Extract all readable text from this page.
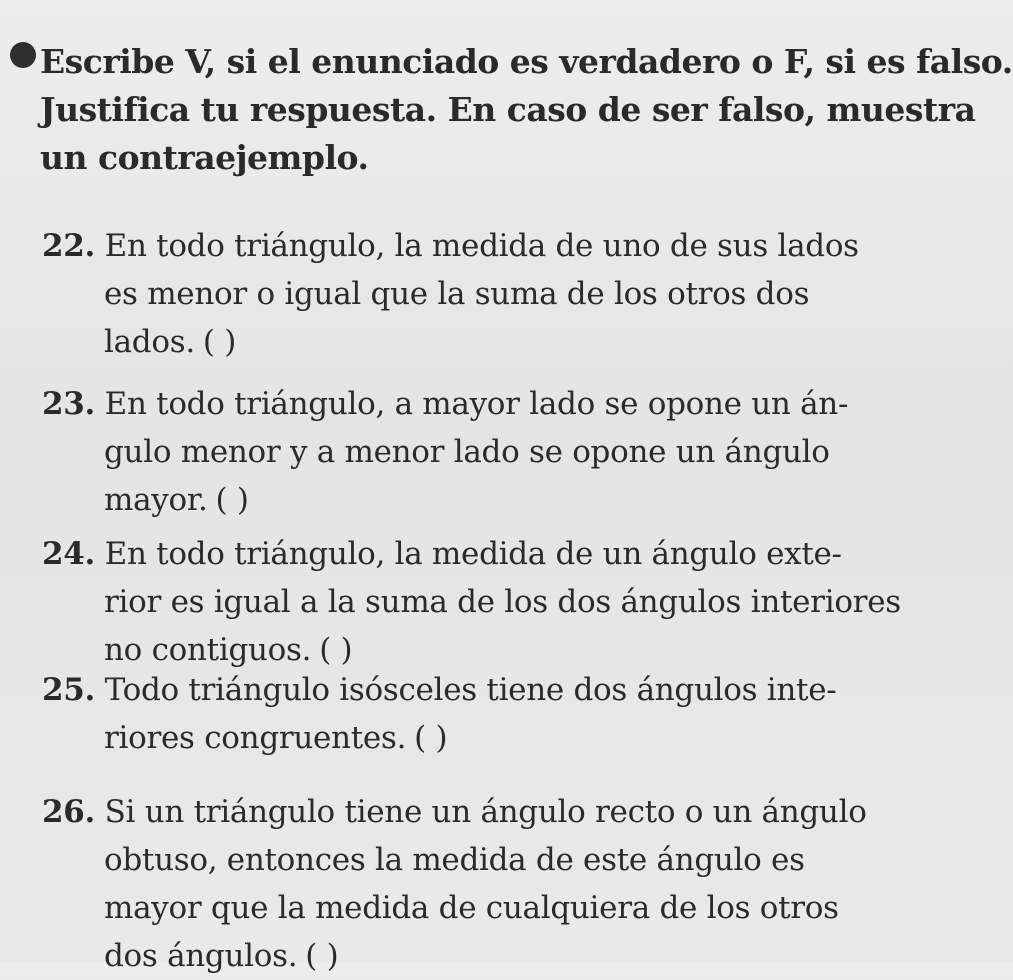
Escribe V, si el enunciado es verdadero o F, si es falso.
Justifica tu respuesta. En caso de ser falso, muestra
un contraejemplo.
22. En todo triángulo, la medida de uno de sus lados
es menor o igual que la suma de los otros dos
lados. ( )
23. En todo triángulo, a mayor lado se opone un án-
gulo menor y a menor lado se opone un ángulo
mayor. ( )
24. En todo triángulo, la medida de un ángulo exte-
rior es igual a la suma de los dos ángulos interiores
no contiguos. ( )
25. Todo triángulo isósceles tiene dos ángulos inte-
riores congruentes. ( )
26. Si un triángulo tiene un ángulo recto o un ángulo
obtuso, entonces la medida de este ángulo es
mayor que la medida de cualquiera de los otros
dos ángulos. ( )
